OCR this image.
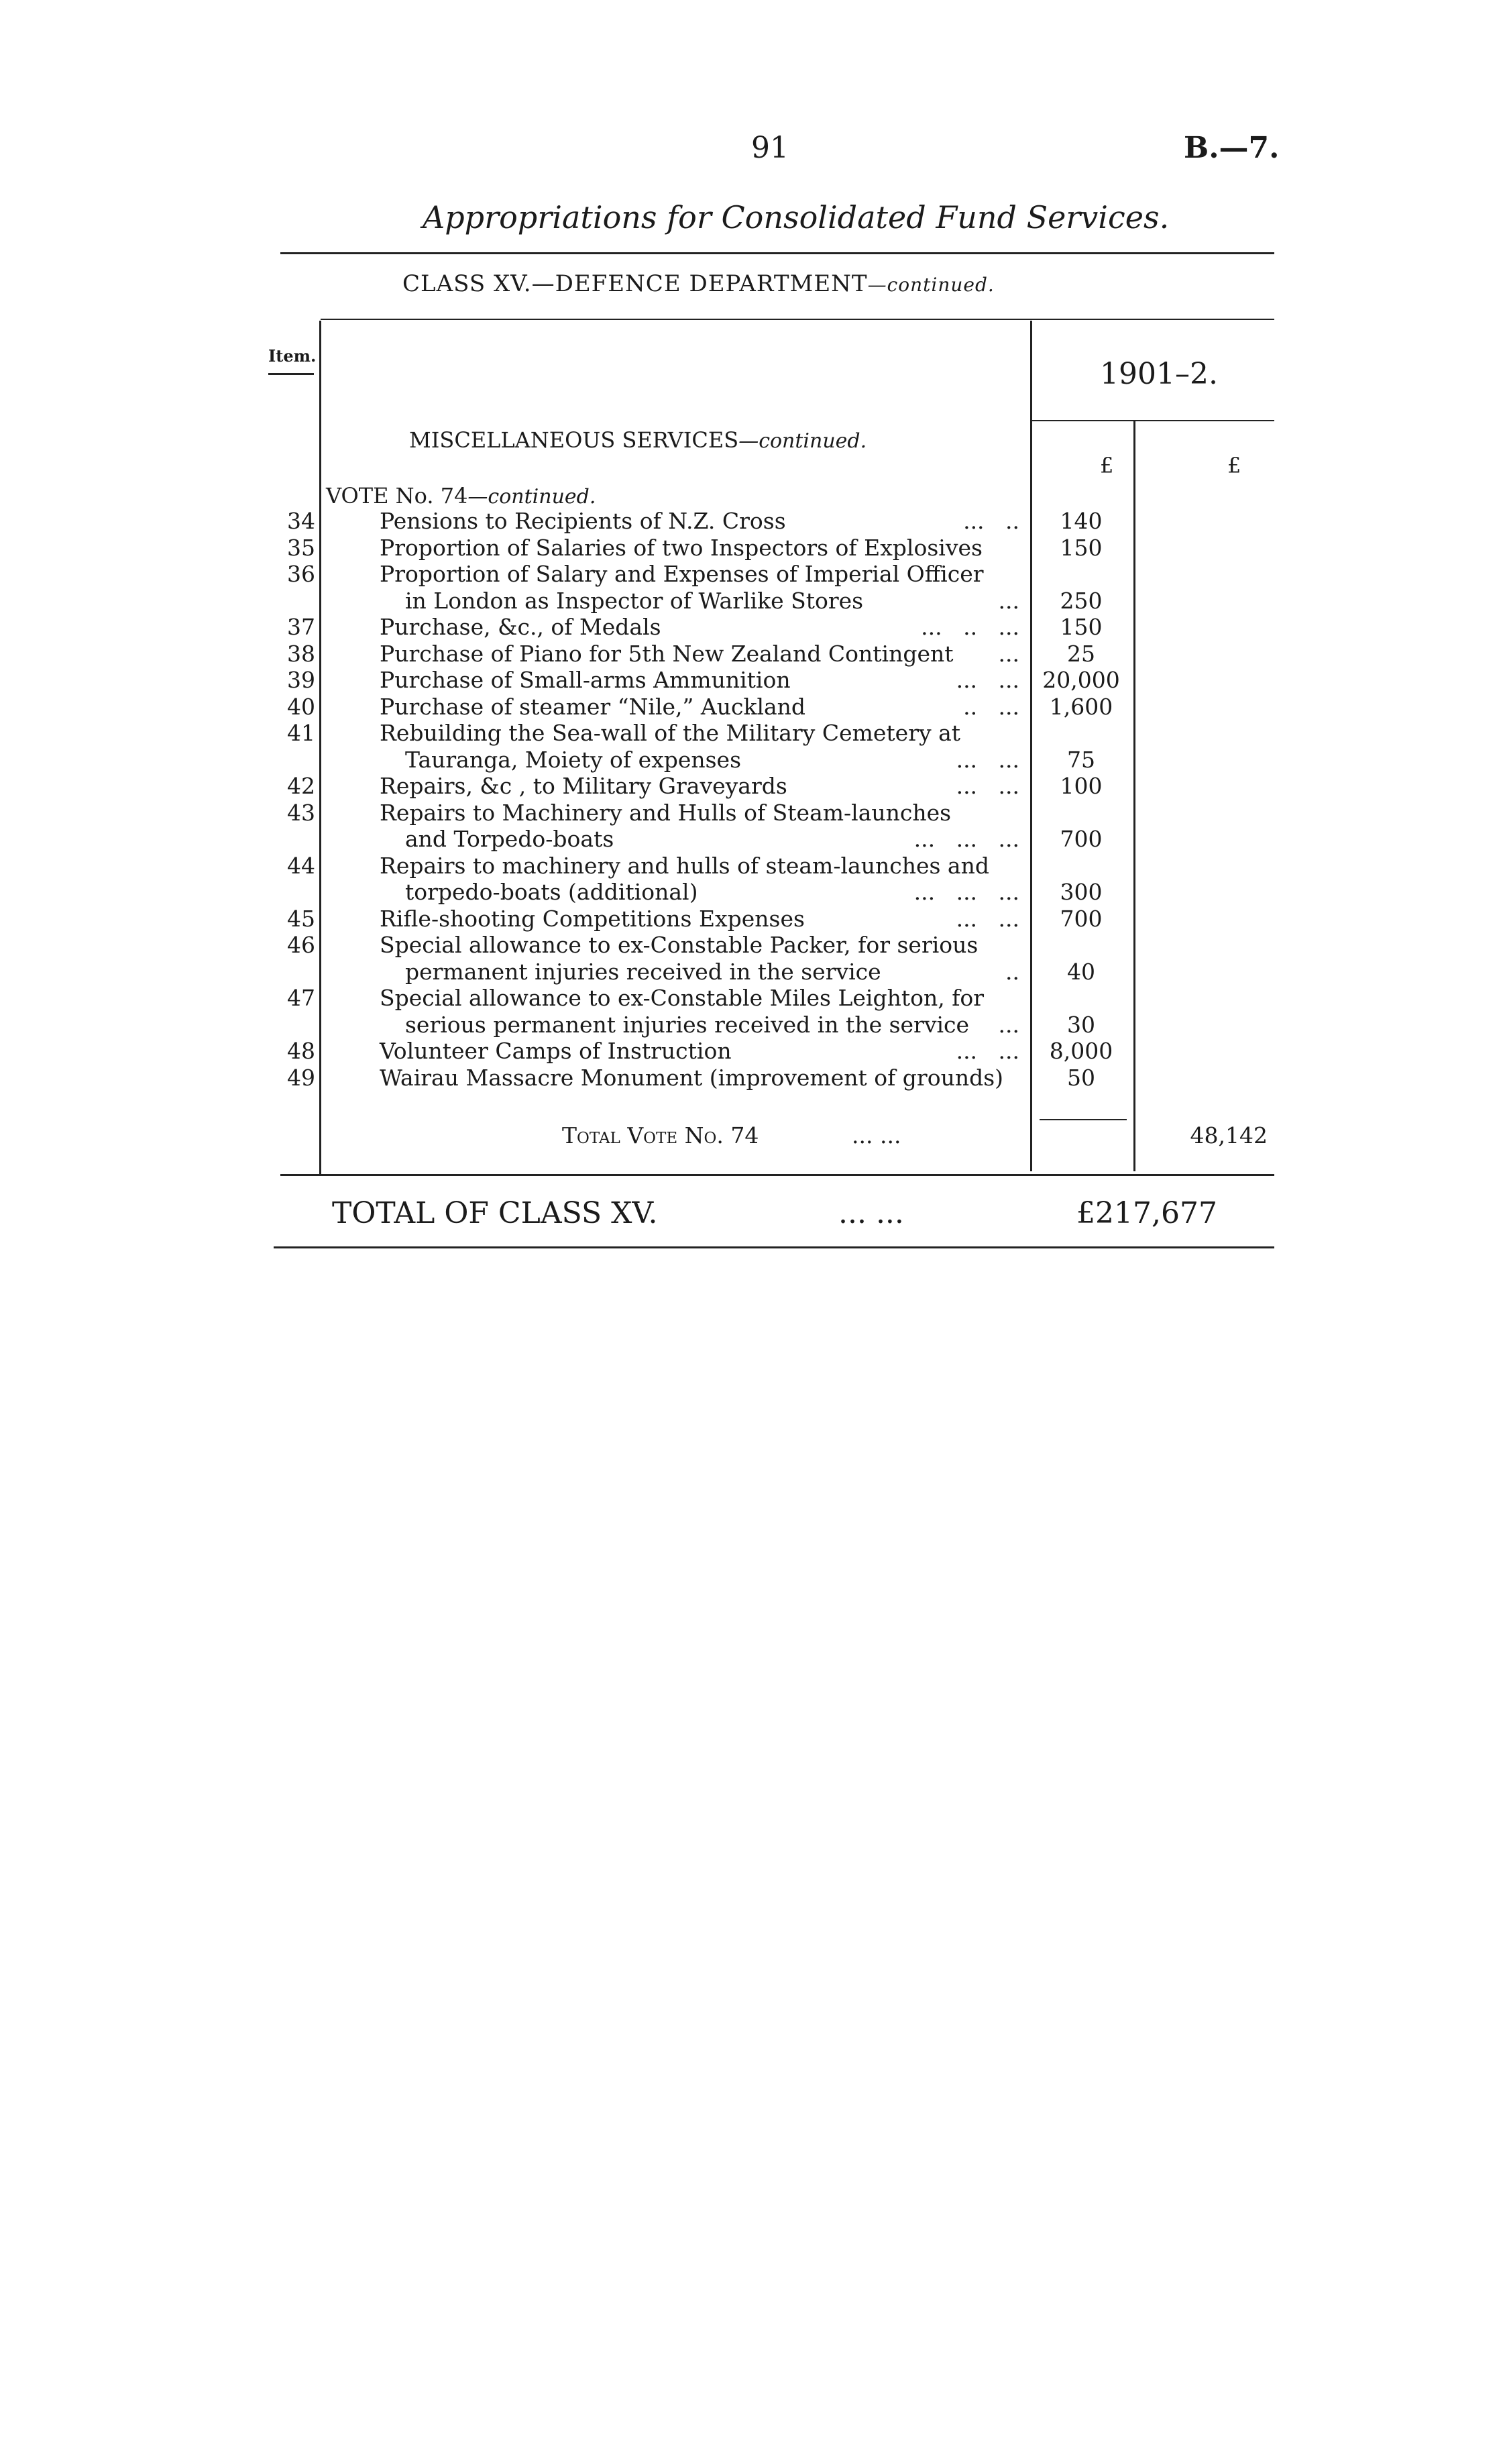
91	B.—7.
Appropriations for Consolidated Fund Services.
CLASS XV.—DEFENCE DEPARTMENT—continued.
Item.
1901–2.
MISCELLANEOUS SERVICES—continued.
£	£
VOTE No. 74—continued.
34	Pensions to Recipients of N.Z. Cross	...   ..	140
35	Proportion of Salaries of two Inspectors of Explosives	150
36	Proportion of Salary and Expenses of Imperial Officer
in London as Inspector of Warlike Stores	...	250
37	Purchase, &c., of Medals	...   ..   ...	150
38	Purchase of Piano for 5th New Zealand Contingent	...	25
39	Purchase of Small-arms Ammunition	...   ...	20,000
40	Purchase of steamer “Nile,” Auckland	..   ...	1,600
41	Rebuilding the Sea-wall of the Military Cemetery at
Tauranga, Moiety of expenses	...   ...	75
42	Repairs, &c , to Military Graveyards	...   ...	100
43	Repairs to Machinery and Hulls of Steam-launches
and Torpedo-boats	...   ...   ...	700
44	Repairs to machinery and hulls of steam-launches and
torpedo-boats (additional)	...   ...   ...	300
45	Rifle-shooting Competitions Expenses	...   ...	700
46	Special allowance to ex-Constable Packer, for serious
permanent injuries received in the service	..	40
47	Special allowance to ex-Constable Miles Leighton, for
serious permanent injuries received in the service	...	30
48	Volunteer Camps of Instruction	...   ...	8,000
49	Wairau Massacre Monument (improvement of grounds)	50
Total Vote No. 74	... ...	48,142
TOTAL OF CLASS XV.	... ...	£217,677
